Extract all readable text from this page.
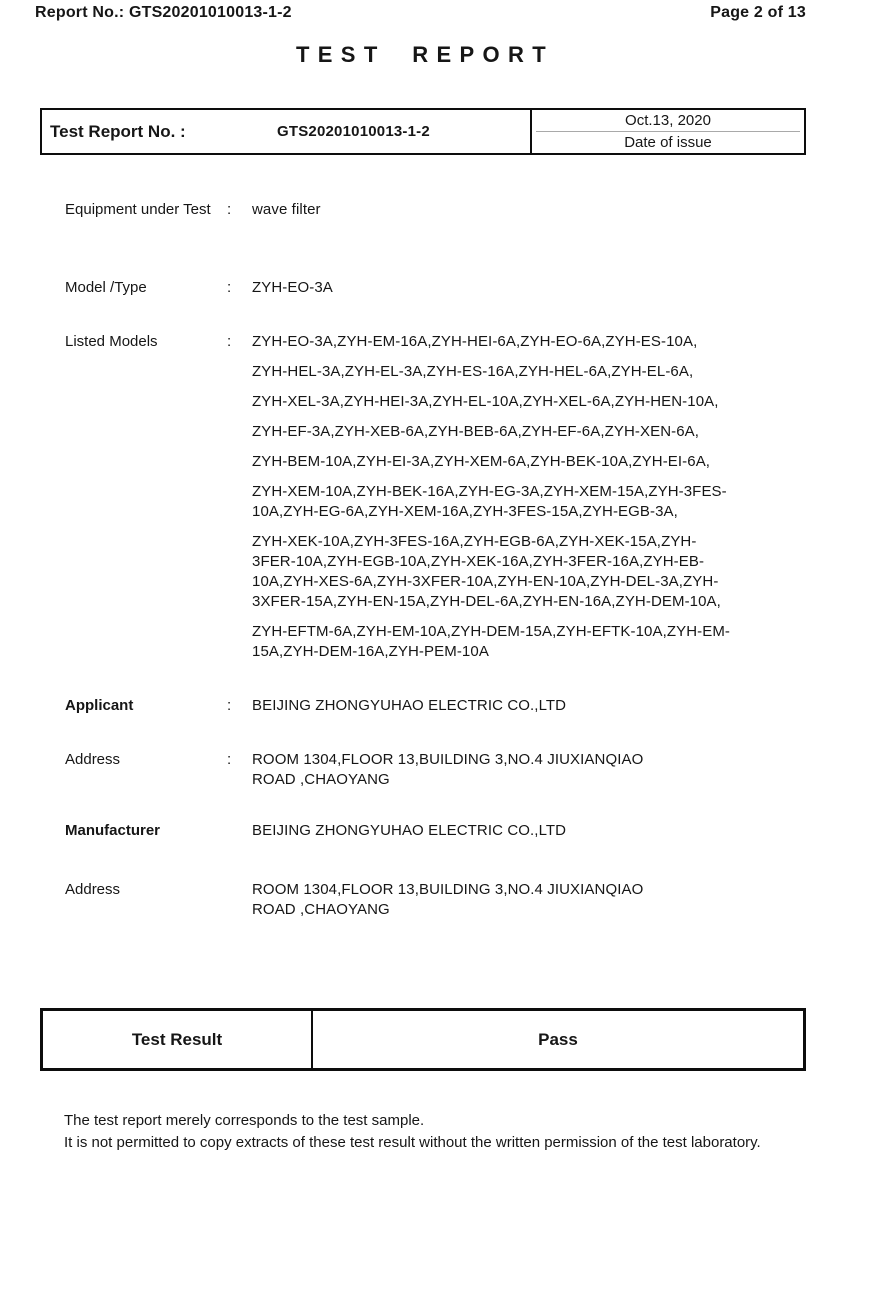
Report No.: GTS20201010013-1-2	Page 2 of 13
TEST REPORT
Test Report No. :	GTS20201010013-1-2
Oct.13, 2020
Date of issue
Equipment under Test	:	wave filter
Model /Type	:	ZYH-EO-3A
Listed Models	:	ZYH-EO-3A,ZYH-EM-16A,ZYH-HEI-6A,ZYH-EO-6A,ZYH-ES-10A,
ZYH-HEL-3A,ZYH-EL-3A,ZYH-ES-16A,ZYH-HEL-6A,ZYH-EL-6A,
ZYH-XEL-3A,ZYH-HEI-3A,ZYH-EL-10A,ZYH-XEL-6A,ZYH-HEN-10A,
ZYH-EF-3A,ZYH-XEB-6A,ZYH-BEB-6A,ZYH-EF-6A,ZYH-XEN-6A,
ZYH-BEM-10A,ZYH-EI-3A,ZYH-XEM-6A,ZYH-BEK-10A,ZYH-EI-6A,
ZYH-XEM-10A,ZYH-BEK-16A,ZYH-EG-3A,ZYH-XEM-15A,ZYH-3FES-
10A,ZYH-EG-6A,ZYH-XEM-16A,ZYH-3FES-15A,ZYH-EGB-3A,
ZYH-XEK-10A,ZYH-3FES-16A,ZYH-EGB-6A,ZYH-XEK-15A,ZYH-
3FER-10A,ZYH-EGB-10A,ZYH-XEK-16A,ZYH-3FER-16A,ZYH-EB-
10A,ZYH-XES-6A,ZYH-3XFER-10A,ZYH-EN-10A,ZYH-DEL-3A,ZYH-
3XFER-15A,ZYH-EN-15A,ZYH-DEL-6A,ZYH-EN-16A,ZYH-DEM-10A,
ZYH-EFTM-6A,ZYH-EM-10A,ZYH-DEM-15A,ZYH-EFTK-10A,ZYH-EM-
15A,ZYH-DEM-16A,ZYH-PEM-10A
Applicant	:	BEIJING ZHONGYUHAO ELECTRIC CO.,LTD
Address	:	ROOM 1304,FLOOR 13,BUILDING 3,NO.4 JIUXIANQIAO
ROAD ,CHAOYANG
Manufacturer	BEIJING ZHONGYUHAO ELECTRIC CO.,LTD
Address	ROOM 1304,FLOOR 13,BUILDING 3,NO.4 JIUXIANQIAO
ROAD ,CHAOYANG
Test Result	Pass
The test report merely corresponds to the test sample.
It is not permitted to copy extracts of these test result without the written permission of the test laboratory.
